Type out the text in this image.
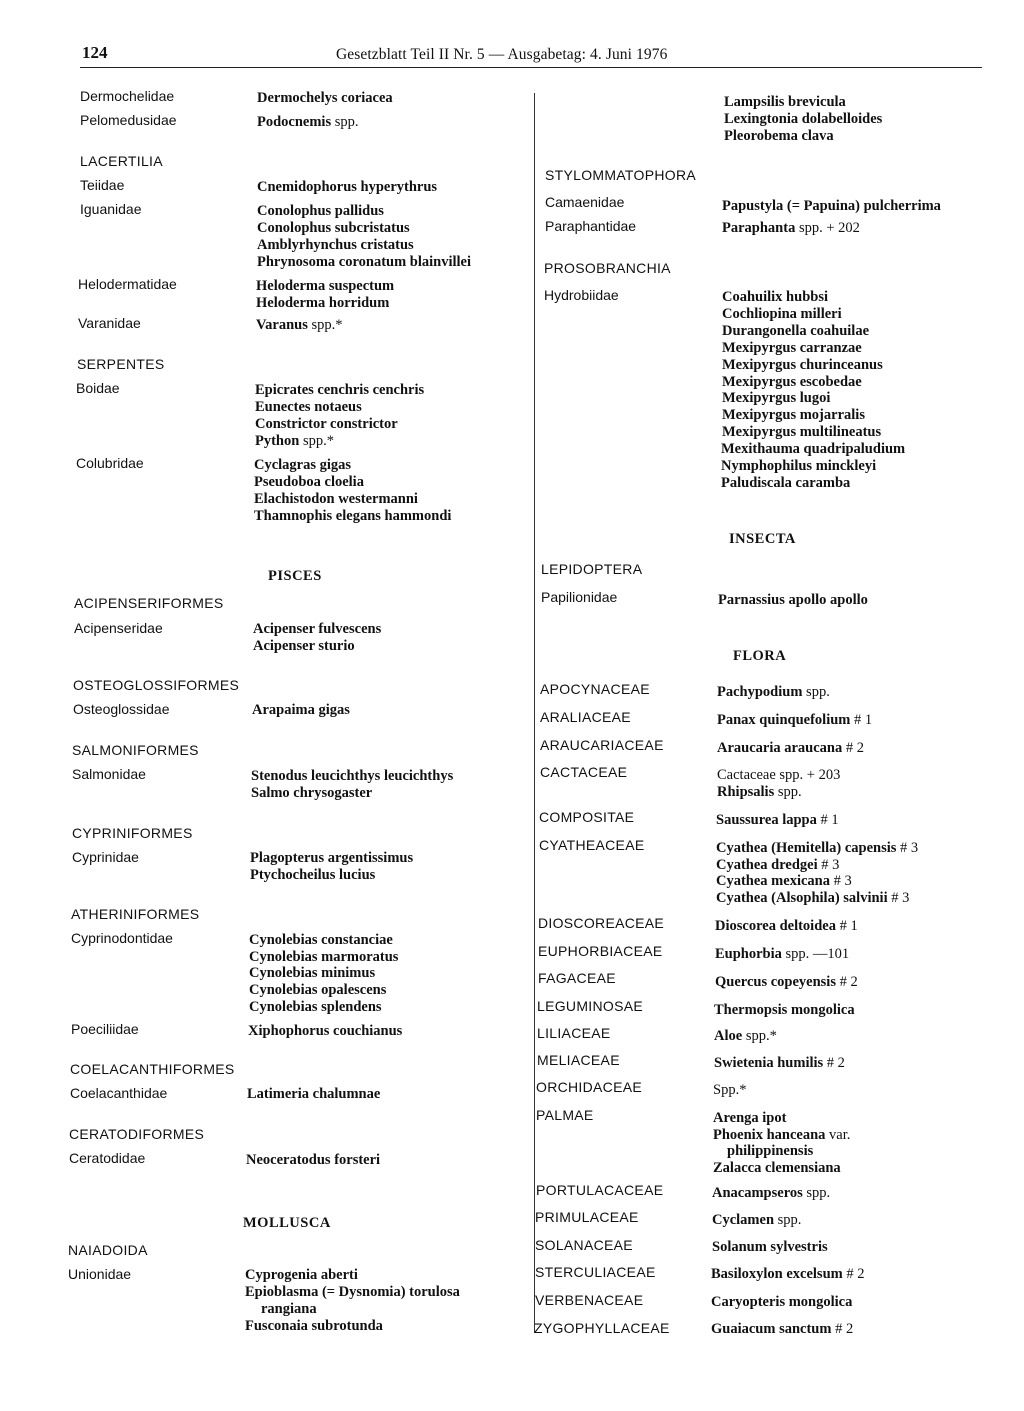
124	Gesetzblatt Teil II Nr. 5 — Ausgabetag: 4. Juni 1976
Dermochelidae	Dermochelys coriacea
Pelomedusidae	Podocnemis spp.
LACERTILIA
Teiidae	Cnemidophorus hyperythrus
Iguanidae	Conolophus pallidus
Conolophus subcristatus
Amblyrhynchus cristatus
Phrynosoma coronatum blainvillei
Helodermatidae	Heloderma suspectum
Heloderma horridum
Varanidae	Varanus spp.*
SERPENTES
Boidae	Epicrates cenchris cenchris
Eunectes notaeus
Constrictor constrictor
Python spp.*
Colubridae	Cyclagras gigas
Pseudoboa cloelia
Elachistodon westermanni
Thamnophis elegans hammondi
PISCES
ACIPENSERIFORMES
Acipenseridae	Acipenser fulvescens
Acipenser sturio
OSTEOGLOSSIFORMES
Osteoglossidae	Arapaima gigas
SALMONIFORMES
Salmonidae	Stenodus leucichthys leucichthys
Salmo chrysogaster
CYPRINIFORMES
Cyprinidae	Plagopterus argentissimus
Ptychocheilus lucius
ATHERINIFORMES
Cyprinodontidae	Cynolebias constanciae
Cynolebias marmoratus
Cynolebias minimus
Cynolebias opalescens
Cynolebias splendens
Poeciliidae	Xiphophorus couchianus
COELACANTHIFORMES
Coelacanthidae	Latimeria chalumnae
CERATODIFORMES
Ceratodidae	Neoceratodus forsteri
MOLLUSCA
NAIADOIDA
Unionidae	Cyprogenia aberti
Epioblasma (= Dysnomia) torulosa
rangiana
Fusconaia subrotunda
Lampsilis brevicula
Lexingtonia dolabelloides
Pleorobema clava
STYLOMMATOPHORA
Camaenidae	Papustyla (= Papuina) pulcherrima
Paraphantidae	Paraphanta spp. + 202
PROSOBRANCHIA
Hydrobiidae	Coahuilix hubbsi
Cochliopina milleri
Durangonella coahuilae
Mexipyrgus carranzae
Mexipyrgus churinceanus
Mexipyrgus escobedae
Mexipyrgus lugoi
Mexipyrgus mojarralis
Mexipyrgus multilineatus
Mexithauma quadripaludium
Nymphophilus minckleyi
Paludiscala caramba
INSECTA
LEPIDOPTERA
Papilionidae	Parnassius apollo apollo
FLORA
APOCYNACEAE	Pachypodium spp.
ARALIACEAE	Panax quinquefolium # 1
ARAUCARIACEAE	Araucaria araucana # 2
CACTACEAE	Cactaceae spp. + 203
Rhipsalis spp.
COMPOSITAE	Saussurea lappa # 1
CYATHEACEAE	Cyathea (Hemitella) capensis # 3
Cyathea dredgei # 3
Cyathea mexicana # 3
Cyathea (Alsophila) salvinii # 3
DIOSCOREACEAE	Dioscorea deltoidea # 1
EUPHORBIACEAE	Euphorbia spp. —101
FAGACEAE	Quercus copeyensis # 2
LEGUMINOSAE	Thermopsis mongolica
LILIACEAE	Aloe spp.*
MELIACEAE	Swietenia humilis # 2
ORCHIDACEAE	Spp.*
PALMAE	Arenga ipot
Phoenix hanceana var.
philippinensis
Zalacca clemensiana
PORTULACACEAE	Anacampseros spp.
PRIMULACEAE	Cyclamen spp.
SOLANACEAE	Solanum sylvestris
STERCULIACEAE	Basiloxylon excelsum # 2
VERBENACEAE	Caryopteris mongolica
ZYGOPHYLLACEAE	Guaiacum sanctum # 2
